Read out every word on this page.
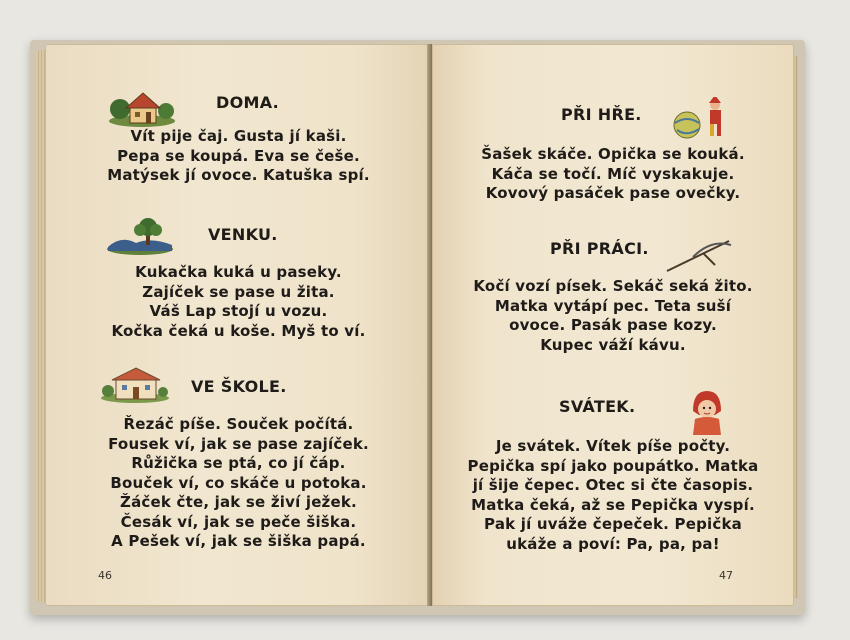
DOMA.
Vít pije čaj. Gusta jí kaši.
Pepa se koupá. Eva se češe.
Matýsek jí ovoce. Katuška spí.
VENKU.
Kukačka kuká u paseky.
Zajíček se pase u žita.
Váš Lap stojí u vozu.
Kočka čeká u koše. Myš to ví.
VE ŠKOLE.
Řezáč píše. Souček počítá.
Fousek ví, jak se pase zajíček.
Růžička se ptá, co jí čáp.
Bouček ví, co skáče u potoka.
Žáček čte, jak se živí ježek.
Česák ví, jak se peče šiška.
A Pešek ví, jak se šiška papá.
46
PŘI HŘE.
Šašek skáče. Opička se kouká.
Káča se točí. Míč vyskakuje.
Kovový pasáček pase ovečky.
PŘI PRÁCI.
Kočí vozí písek. Sekáč seká žito.
Matka vytápí pec. Teta suší
ovoce. Pasák pase kozy.
Kupec váží kávu.
SVÁTEK.
Je svátek. Vítek píše počty.
Pepička spí jako poupátko. Matka
jí šije čepec. Otec si čte časopis.
Matka čeká, až se Pepička vyspí.
Pak jí uváže čepeček. Pepička
ukáže a poví: Pa, pa, pa!
47
